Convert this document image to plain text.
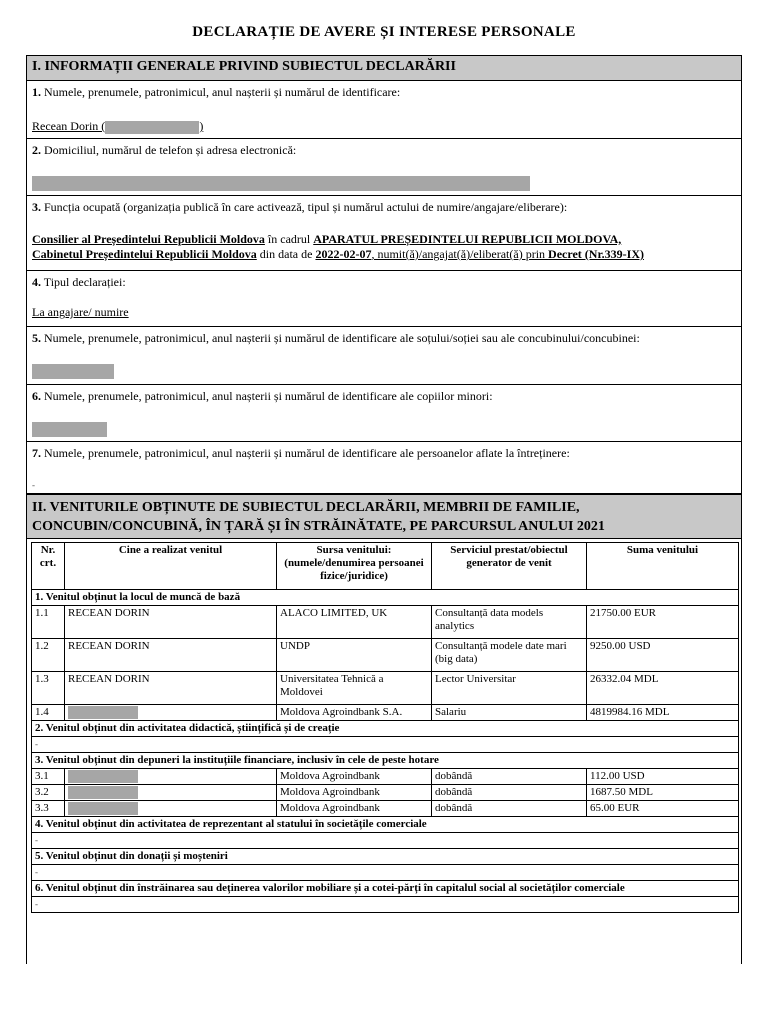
DECLARAȚIE DE AVERE ȘI INTERESE PERSONALE
I. INFORMAȚII GENERALE PRIVIND SUBIECTUL DECLARĂRII
1. Numele, prenumele, patronimicul, anul nașterii și numărul de identificare:
Recean Dorin (	)
2. Domiciliul, numărul de telefon și adresa electronică:
3. Funcția ocupată (organizația publică în care activează, tipul și numărul actului de numire/angajare/eliberare):
Consilier al Președintelui Republicii Moldova în cadrul APARATUL PREȘEDINTELUI REPUBLICII MOLDOVA,
Cabinetul Președintelui Republicii Moldova din data de 2022-02-07, numit(ă)/angajat(ă)/eliberat(ă) prin Decret (Nr.339-IX)
4. Tipul declarației:
La angajare/ numire
5. Numele, prenumele, patronimicul, anul nașterii și numărul de identificare ale soțului/soției sau ale concubinului/concubinei:
6. Numele, prenumele, patronimicul, anul nașterii și numărul de identificare ale copiilor minori:
7. Numele, prenumele, patronimicul, anul nașterii și numărul de identificare ale persoanelor aflate la întreținere:
-
II. VENITURILE OBȚINUTE DE SUBIECTUL DECLARĂRII, MEMBRII DE FAMILIE,
CONCUBIN/CONCUBINĂ, ÎN ȚARĂ ȘI ÎN STRĂINĂTATE, PE PARCURSUL ANULUI 2021
Nr. crt.	Cine a realizat venitul	Sursa venitului: (numele/denumirea persoanei fizice/juridice)	Serviciul prestat/obiectul generator de venit	Suma venitului
1. Venitul obținut la locul de muncă de bază				
1.1	RECEAN DORIN	ALACO LIMITED, UK	Consultanță data models analytics	21750.00 EUR
1.2	RECEAN DORIN	UNDP	Consultanță modele date mari (big data)	9250.00 USD
1.3	RECEAN DORIN	Universitatea Tehnică a Moldovei	Lector Universitar	26332.04 MDL
1.4		Moldova Agroindbank S.A.	Salariu	4819984.16 MDL
2. Venitul obținut din activitatea didactică, științifică și de creație				
-				
3. Venitul obținut din depuneri la instituțiile financiare, inclusiv în cele de peste hotare				
3.1		Moldova Agroindbank	dobândă	112.00 USD
3.2		Moldova Agroindbank	dobândă	1687.50 MDL
3.3		Moldova Agroindbank	dobândă	65.00 EUR
4. Venitul obținut din activitatea de reprezentant al statului în societățile comerciale				
-				
5. Venitul obținut din donații și moșteniri				
-				
6. Venitul obținut din înstrăinarea sau deținerea valorilor mobiliare și a cotei-părți în capitalul social al societăților comerciale				
-				
